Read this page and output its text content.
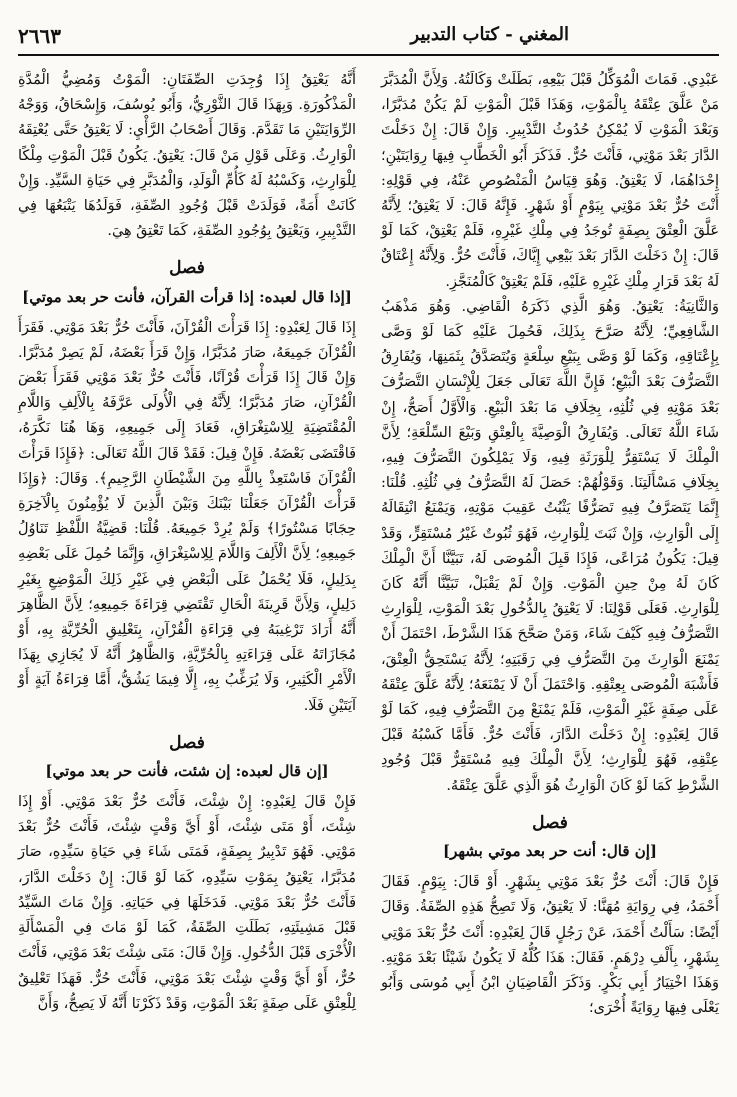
٢٦٦٣	المغني - كتاب التدبير

عَبْدِي. فَمَاتَ الْمُوَكِّلُ قَبْلَ بَيْعِهِ، بَطَلَتْ وَكَالَتُهُ. وَلِأَنَّ الْمُدَبَّرَ مَنْ عَلَّقَ عِتْقَهُ بِالْمَوْتِ، وَهَذَا قَبْلَ الْمَوْتِ لَمْ يَكُنْ مُدَبَّرًا، وَبَعْدَ الْمَوْتِ لَا يُمْكِنُ حُدُوثُ التَّدْبِيرِ. وَإِنْ قَالَ: إِنْ دَخَلْتَ الدَّارَ بَعْدَ مَوْتِي، فَأَنْتَ حُرٌّ. فَذَكَرَ أَبُو الْخَطَّابِ فِيهَا رِوَايَتَيْنِ؛ إِحْدَاهُمَا، لَا يَعْتِقُ. وَهُوَ قِيَاسُ الْمَنْصُوصِ عَنْهُ، فِي قَوْلِهِ: أَنْتَ حُرٌّ بَعْدَ مَوْتِي بِيَوْمٍ أَوْ شَهْرٍ. فَإِنَّهُ قَالَ: لَا يَعْتِقُ؛ لِأَنَّهُ عَلَّقَ الْعِتْقَ بِصِفَةٍ تُوجَدُ فِي مِلْكِ غَيْرِهِ، فَلَمْ يَعْتِقْ، كَمَا لَوْ قَالَ: إِنْ دَخَلْتَ الدَّارَ بَعْدَ بَيْعِي إِيَّاكَ، فَأَنْتَ حُرٌّ. وَلِأَنَّهُ إِعْتَاقٌ لَهُ بَعْدَ قَرَارِ مِلْكِ غَيْرِهِ عَلَيْهِ، فَلَمْ يَعْتِقْ كَالْمُنَجَّزِ.

وَالثَّانِيَةُ: يَعْتِقُ. وَهُوَ الَّذِي ذَكَرَهُ الْقَاضِي. وَهُوَ مَذْهَبُ الشَّافِعِيِّ؛ لِأَنَّهُ صَرَّحَ بِذَلِكَ، فَحُمِلَ عَلَيْهِ كَمَا لَوْ وَصَّى بِإِعْتَاقِهِ، وَكَمَا لَوْ وَصَّى بِبَيْعِ سِلْعَةٍ وَيُتَصَدَّقُ بِثَمَنِهَا، وَيُفَارِقُ التَّصَرُّفَ بَعْدَ الْبَيْعِ؛ فَإِنَّ اللَّهَ تَعَالَى جَعَلَ لِلْإِنْسَانِ التَّصَرُّفَ بَعْدَ مَوْتِهِ فِي ثُلُثِهِ، بِخِلَافِ مَا بَعْدَ الْبَيْعِ. وَالْأَوَّلُ أَصَحُّ، إِنْ شَاءَ اللَّهُ تَعَالَى. وَيُفَارِقُ الْوَصِيَّةَ بِالْعِتْقِ وَبَيْعَ السِّلْعَةِ؛ لِأَنَّ الْمِلْكَ لَا يَسْتَقِرُّ لِلْوَرَثَةِ فِيهِ، وَلَا يَمْلِكُونَ التَّصَرُّفَ فِيهِ، بِخِلَافِ مَسْأَلَتِنَا. وَقَوْلُهُمْ: حَصَلَ لَهُ التَّصَرُّفُ فِي ثُلُثِهِ. قُلْنَا: إِنَّمَا يَتَصَرَّفُ فِيهِ تَصَرُّفًا يَثْبُتُ عَقِيبَ مَوْتِهِ، وَيَمْنَعُ انْتِقَالَهُ إِلَى الْوَارِثِ، وَإِنْ ثَبَتَ لِلْوَارِثِ، فَهُوَ ثُبُوتٌ غَيْرُ مُسْتَقِرٍّ، وَقَدْ قِيلَ: يَكُونُ مُرَاعًى، فَإِذَا قَبِلَ الْمُوصَى لَهُ، تَبَيَّنَّا أَنَّ الْمِلْكَ كَانَ لَهُ مِنْ حِينِ الْمَوْتِ. وَإِنْ لَمْ يَقْبَلْ، تَبَيَّنَّا أَنَّهُ كَانَ لِلْوَارِثِ. فَعَلَى قَوْلِنَا: لَا يَعْتِقُ بِالدُّخُولِ بَعْدَ الْمَوْتِ، لِلْوَارِثِ التَّصَرُّفُ فِيهِ كَيْفَ شَاءَ، وَمَنْ صَحَّحَ هَذَا الشَّرْطَ، احْتَمَلَ أَنْ يَمْنَعَ الْوَارِثَ مِنَ التَّصَرُّفِ فِي رَقَبَتِهِ؛ لِأَنَّهُ يَسْتَحِقُّ الْعِتْقَ، فَأَشْبَهَ الْمُوصَى بِعِتْقِهِ. وَاحْتَمَلَ أَنْ لَا يَمْنَعَهُ؛ لِأَنَّهُ عَلَّقَ عِتْقَهُ عَلَى صِفَةٍ غَيْرِ الْمَوْتِ، فَلَمْ يَمْنَعْ مِنَ التَّصَرُّفِ فِيهِ، كَمَا لَوْ قَالَ لِعَبْدِهِ: إِنْ دَخَلْتَ الدَّارَ، فَأَنْتَ حُرٌّ. فَأَمَّا كَسْبُهُ قَبْلَ عِتْقِهِ، فَهُوَ لِلْوَارِثِ؛ لِأَنَّ الْمِلْكَ فِيهِ مُسْتَقِرٌّ قَبْلَ وُجُودِ الشَّرْطِ كَمَا لَوْ كَانَ الْوَارِثُ هُوَ الَّذِي عَلَّقَ عِتْقَهُ.

فصل
[إن قال: أنت حر بعد موتي بشهر]

فَإِنْ قَالَ: أَنْتَ حُرٌّ بَعْدَ مَوْتِي بِشَهْرٍ. أَوْ قَالَ: بِيَوْمٍ. فَقَالَ أَحْمَدُ، فِي رِوَايَةِ مُهَنَّا: لَا يَعْتِقُ، وَلَا تَصِحُّ هَذِهِ الصِّفَةُ. وَقَالَ أَيْضًا: سَأَلْتُ أَحْمَدَ، عَنْ رَجُلٍ قَالَ لِعَبْدِهِ: أَنْتَ حُرٌّ بَعْدَ مَوْتِي بِشَهْرٍ، بِأَلْفِ دِرْهَمٍ. فَقَالَ: هَذَا كُلُّهُ لَا يَكُونُ شَيْئًا بَعْدَ مَوْتِهِ. وَهَذَا اخْتِيَارُ أَبِي بَكْرٍ. وَذَكَرَ الْقَاضِيَانِ ابْنُ أَبِي مُوسَى وَأَبُو يَعْلَى فِيهَا رِوَايَةً أُخْرَى؛

أَنَّهُ يَعْتِقُ إِذَا وُجِدَتِ الصِّفَتَانِ: الْمَوْتُ وَمُضِيُّ الْمُدَّةِ الْمَذْكُورَةِ. وَبِهَذَا قَالَ الثَّوْرِيُّ، وَأَبُو يُوسُفَ، وَإِسْحَاقُ، وَوَجْهُ الرِّوَايَتَيْنِ مَا تَقَدَّمَ. وَقَالَ أَصْحَابُ الرَّأْيِ: لَا يَعْتِقُ حَتَّى يُعْتِقَهُ الْوَارِثُ. وَعَلَى قَوْلِ مَنْ قَالَ: يَعْتِقُ. يَكُونُ قَبْلَ الْمَوْتِ مِلْكًا لِلْوَارِثِ، وَكَسْبُهُ لَهُ كَأُمِّ الْوَلَدِ، وَالْمُدَبَّرِ فِي حَيَاةِ السَّيِّدِ. وَإِنْ كَانَتْ أَمَةً، فَوَلَدَتْ قَبْلَ وُجُودِ الصِّفَةِ، فَوَلَدُهَا يَتْبَعُهَا فِي التَّدْبِيرِ، وَيَعْتِقُ بِوُجُودِ الصِّفَةِ، كَمَا تَعْتِقُ هِيَ.

فصل
[إذا قال لعبده: إذا قرأت القرآن، فأنت حر بعد موتي]

إِذَا قَالَ لِعَبْدِهِ: إِذَا قَرَأْتَ الْقُرْآنَ، فَأَنْتَ حُرٌّ بَعْدَ مَوْتِي. فَقَرَأَ الْقُرْآنَ جَمِيعَهُ، صَارَ مُدَبَّرًا، وَإِنْ قَرَأَ بَعْضَهُ، لَمْ يَصِرْ مُدَبَّرًا. وَإِنْ قَالَ إِذَا قَرَأْتَ قُرْآنًا، فَأَنْتَ حُرٌّ بَعْدَ مَوْتِي فَقَرَأَ بَعْضَ الْقُرْآنِ، صَارَ مُدَبَّرًا؛ لِأَنَّهُ فِي الْأُولَى عَرَّفَهُ بِالْأَلِفِ وَاللَّامِ الْمُقْتَضِيَةِ لِلِاسْتِغْرَاقِ، فَعَادَ إِلَى جَمِيعِهِ، وَهَا هُنَا نَكَّرَهُ، فَاقْتَضَى بَعْضَهُ. فَإِنْ قِيلَ: فَقَدْ قَالَ اللَّهُ تَعَالَى: ﴿فَإِذَا قَرَأْتَ الْقُرْآنَ فَاسْتَعِذْ بِاللَّهِ مِنَ الشَّيْطَانِ الرَّجِيمِ﴾. وَقَالَ: ﴿وَإِذَا قَرَأْتَ الْقُرْآنَ جَعَلْنَا بَيْنَكَ وَبَيْنَ الَّذِينَ لَا يُؤْمِنُونَ بِالْآخِرَةِ حِجَابًا مَسْتُورًا﴾ وَلَمْ يُرِدْ جَمِيعَهُ. قُلْنَا: قَضِيَّةُ اللَّفْظِ تَنَاوُلُ جَمِيعِهِ؛ لِأَنَّ الْأَلِفَ وَاللَّامَ لِلِاسْتِغْرَاقِ، وَإِنَّمَا حُمِلَ عَلَى بَعْضِهِ بِدَلِيلٍ، فَلَا يُحْمَلُ عَلَى الْبَعْضِ فِي غَيْرِ ذَلِكَ الْمَوْضِعِ بِغَيْرِ دَلِيلٍ، وَلِأَنَّ قَرِينَةَ الْحَالِ تَقْتَضِي قِرَاءَةَ جَمِيعِهِ؛ لِأَنَّ الظَّاهِرَ أَنَّهُ أَرَادَ تَرْغِيبَهُ فِي قِرَاءَةِ الْقُرْآنِ، بِتَعْلِيقِ الْحُرِّيَّةِ بِهِ، أَوْ مُجَازَاتَهُ عَلَى قِرَاءَتِهِ بِالْحُرِّيَّةِ، وَالظَّاهِرُ أَنَّهُ لَا يُجَازِي بِهَذَا الْأَمْرِ الْكَثِيرِ، وَلَا يُرَغِّبُ بِهِ، إِلَّا فِيمَا يَشُقُّ، أَمَّا قِرَاءَةُ آيَةٍ أَوْ آيَتَيْنِ فَلَا.

فصل
[إن قال لعبده: إن شئت، فأنت حر بعد موتي]

فَإِنْ قَالَ لِعَبْدِهِ: إِنْ شِئْتَ، فَأَنْتَ حُرٌّ بَعْدَ مَوْتِي. أَوْ إِذَا شِئْتَ، أَوْ مَتَى شِئْتَ، أَوْ أَيَّ وَقْتٍ شِئْتَ، فَأَنْتَ حُرٌّ بَعْدَ مَوْتِي. فَهُوَ تَدْبِيرٌ بِصِفَةٍ، فَمَتَى شَاءَ فِي حَيَاةِ سَيِّدِهِ، صَارَ مُدَبَّرًا، يَعْتِقُ بِمَوْتِ سَيِّدِهِ، كَمَا لَوْ قَالَ: إِنْ دَخَلْتَ الدَّارَ، فَأَنْتَ حُرٌّ بَعْدَ مَوْتِي. فَدَخَلَهَا فِي حَيَاتِهِ. وَإِنْ مَاتَ السَّيِّدُ قَبْلَ مَشِيئَتِهِ، بَطَلَتِ الصِّفَةُ، كَمَا لَوْ مَاتَ فِي الْمَسْأَلَةِ الْأُخْرَى قَبْلَ الدُّخُولِ. وَإِنْ قَالَ: مَتَى شِئْتَ بَعْدَ مَوْتِي، فَأَنْتَ حُرٌّ، أَوْ أَيَّ وَقْتٍ شِئْتَ بَعْدَ مَوْتِي، فَأَنْتَ حُرٌّ. فَهَذَا تَعْلِيقٌ لِلْعِتْقِ عَلَى صِفَةٍ بَعْدَ الْمَوْتِ، وَقَدْ ذَكَرْنَا أَنَّهُ لَا يَصِحُّ، وَأَنَّ
